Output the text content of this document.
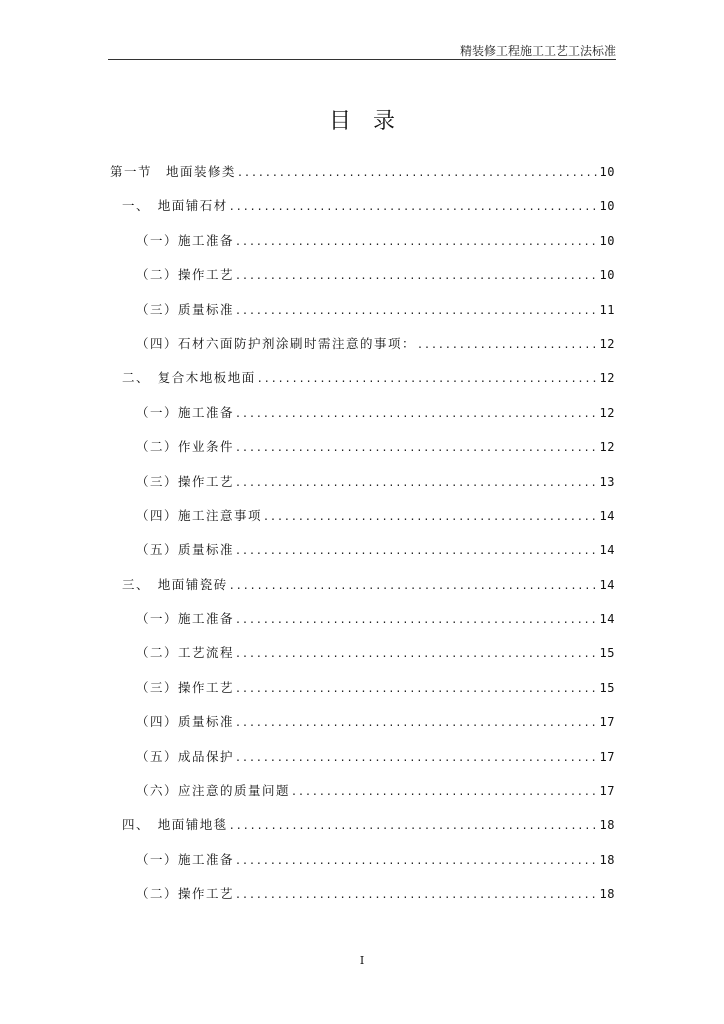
精装修工程施工工艺工法标准
目录
第一节　地面装修类 .....	10
一、　地面铺石材 .....	10
（一）施工准备 .....	10
（二）操作工艺 .....	10
（三）质量标准 .....	11
（四）石材六面防护剂涂刷时需注意的事项： .....	12
二、　复合木地板地面 .....	12
（一）施工准备 .....	12
（二）作业条件 .....	12
（三）操作工艺 .....	13
（四）施工注意事项 .....	14
（五）质量标准 .....	14
三、　地面铺瓷砖 .....	14
（一）施工准备 .....	14
（二）工艺流程 .....	15
（三）操作工艺 .....	15
（四）质量标准 .....	17
（五）成品保护 .....	17
（六）应注意的质量问题 .....	17
四、　地面铺地毯 .....	18
（一）施工准备 .....	18
（二）操作工艺 .....	18
I
